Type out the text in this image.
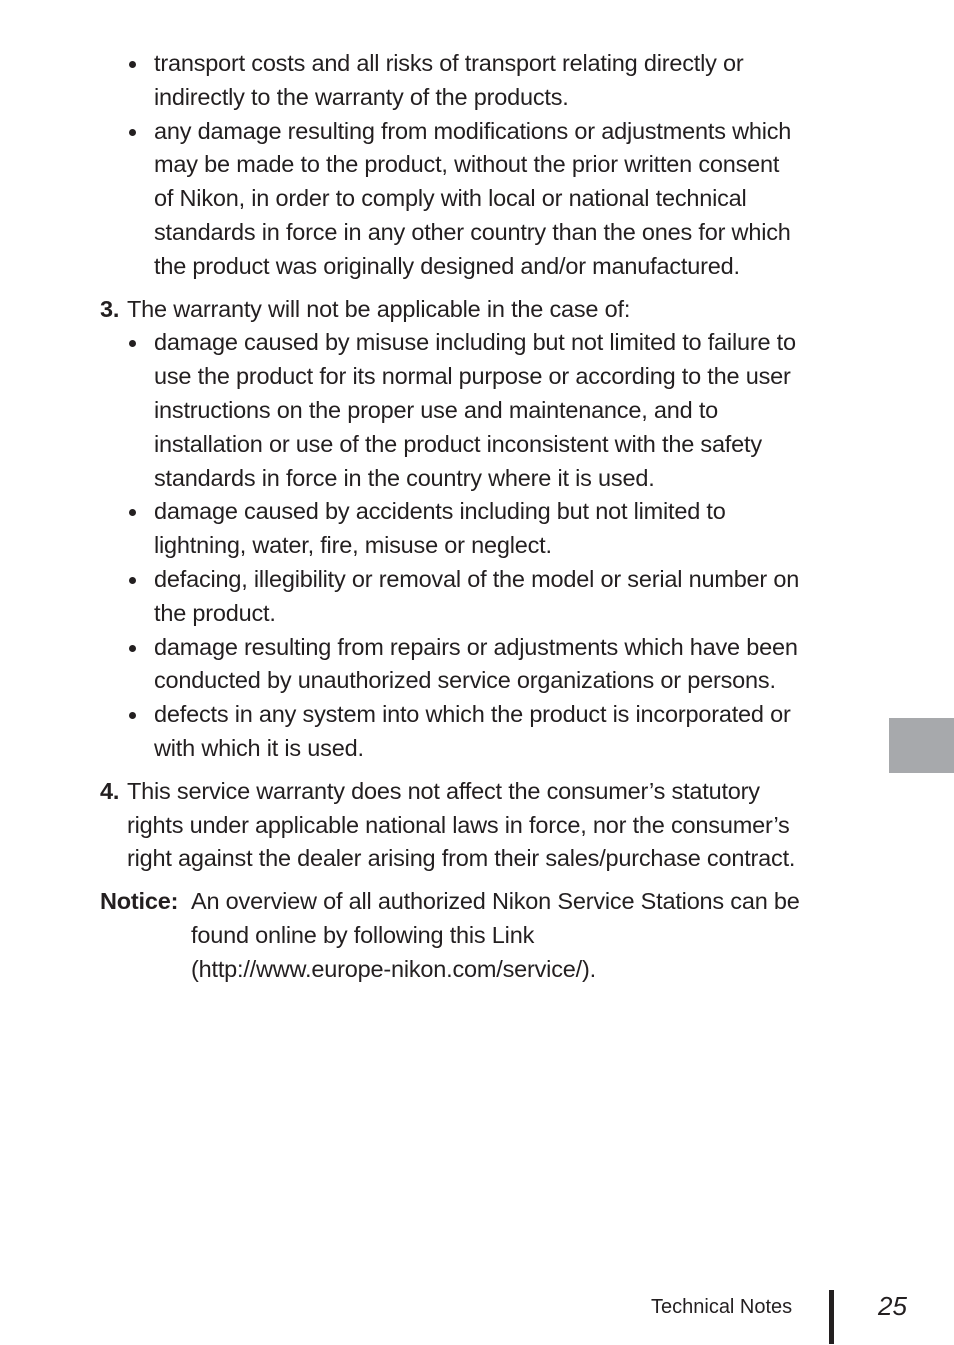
transport costs and all risks of transport relating directly or
indirectly to the warranty of the products.
any damage resulting from modifications or adjustments which
may be made to the product, without the prior written consent
of Nikon, in order to comply with local or national technical
standards in force in any other country than the ones for which
the product was originally designed and/or manufactured.
3. The warranty will not be applicable in the case of:
damage caused by misuse including but not limited to failure to
use the product for its normal purpose or according to the user
instructions on the proper use and maintenance, and to
installation or use of the product inconsistent with the safety
standards in force in the country where it is used.
damage caused by accidents including but not limited to
lightning, water, fire, misuse or neglect.
defacing, illegibility or removal of the model or serial number on
the product.
damage resulting from repairs or adjustments which have been
conducted by unauthorized service organizations or persons.
defects in any system into which the product is incorporated or
with which it is used.
4. This service warranty does not affect the consumer’s statutory
rights under applicable national laws in force, nor the consumer’s
right against the dealer arising from their sales/purchase contract.
Notice: An overview of all authorized Nikon Service Stations can be
found online by following this Link
(http://www.europe-nikon.com/service/).
Technical Notes	25
